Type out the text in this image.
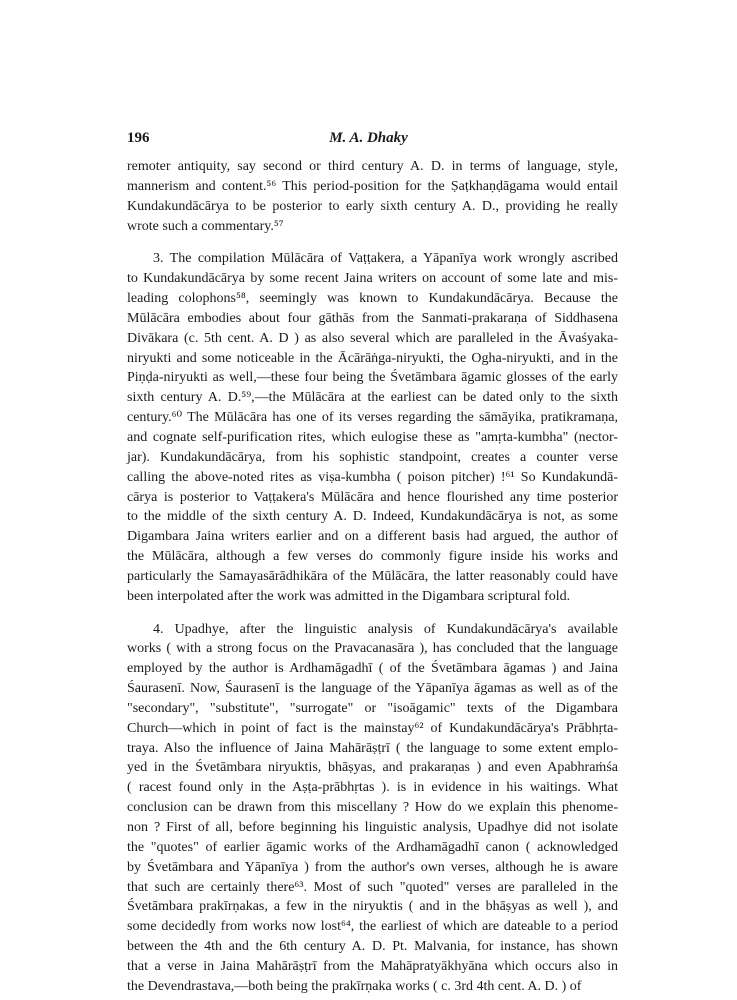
196	M. A. Dhaky
remoter antiquity, say second or third century A. D. in terms of language, style,
mannerism and content.⁵⁶ This period-position for the Ṣaṭkhaṇḍāgama would entail
Kundakundācārya to be posterior to early sixth century A. D., providing he really
wrote such a commentary.⁵⁷
3. The compilation Mūlācāra of Vaṭṭakera, a Yāpanīya work wrongly ascribed
to Kundakundācārya by some recent Jaina writers on account of some late and mis-
leading colophons⁵⁸, seemingly was known to Kundakundācārya. Because the
Mūlācāra embodies about four gāthās from the Sanmati-prakaraṇa of Siddhasena
Divākara (c. 5th cent. A. D ) as also several which are paralleled in the Āvaśyaka-
niryukti and some noticeable in the Ācārāṅga-niryukti, the Ogha-niryukti, and in the
Piṇḍa-niryukti as well,—these four being the Śvetāmbara āgamic glosses of the early
sixth century A. D.⁵⁹,—the Mūlācāra at the earliest can be dated only to the sixth
century.⁶⁰ The Mūlācāra has one of its verses regarding the sāmāyika, pratikramaṇa,
and cognate self-purification rites, which eulogise these as "amṛta-kumbha" (nector-
jar). Kundakundācārya, from his sophistic standpoint, creates a counter verse
calling the above-noted rites as viṣa-kumbha ( poison pitcher) !⁶¹ So Kundakundā-
cārya is posterior to Vaṭṭakera's Mūlācāra and hence flourished any time posterior
to the middle of the sixth century A. D. Indeed, Kundakundācārya is not, as some
Digambara Jaina writers earlier and on a different basis had argued, the author of
the Mūlācāra, although a few verses do commonly figure inside his works and
particularly the Samayasārādhikāra of the Mūlācāra, the latter reasonably could have
been interpolated after the work was admitted in the Digambara scriptural fold.
4. Upadhye, after the linguistic analysis of Kundakundācārya's available
works ( with a strong focus on the Pravacanasāra ), has concluded that the language
employed by the author is Ardhamāgadhī ( of the Śvetāmbara āgamas ) and Jaina
Śaurasenī. Now, Śaurasenī is the language of the Yāpanīya āgamas as well as of the
"secondary", "substitute", "surrogate" or "isoāgamic" texts of the Digambara
Church—which in point of fact is the mainstay⁶² of Kundakundācārya's Prābhṛta-
traya. Also the influence of Jaina Mahārāṣṭrī ( the language to some extent emplo-
yed in the Śvetāmbara niryuktis, bhāṣyas, and prakaraṇas ) and even Apabhraṁśa
( racest found only in the Aṣṭa-prābhṛtas ). is in evidence in his waitings. What
conclusion can be drawn from this miscellany ? How do we explain this phenome-
non ? First of all, before beginning his linguistic analysis, Upadhye did not isolate
the "quotes" of earlier āgamic works of the Ardhamāgadhī canon ( acknowledged
by Śvetāmbara and Yāpanīya ) from the author's own verses, although he is aware
that such are certainly there⁶³. Most of such "quoted" verses are paralleled in the
Śvetāmbara prakīrṇakas, a few in the niryuktis ( and in the bhāṣyas as well ), and
some decidedly from works now lost⁶⁴, the earliest of which are dateable to a period
between the 4th and the 6th century A. D. Pt. Malvania, for instance, has shown
that a verse in Jaina Mahārāṣṭrī from the Mahāpratyākhyāna which occurs also in
the Devendrastava,—both being the prakīrṇaka works ( c. 3rd 4th cent. A. D. ) of
